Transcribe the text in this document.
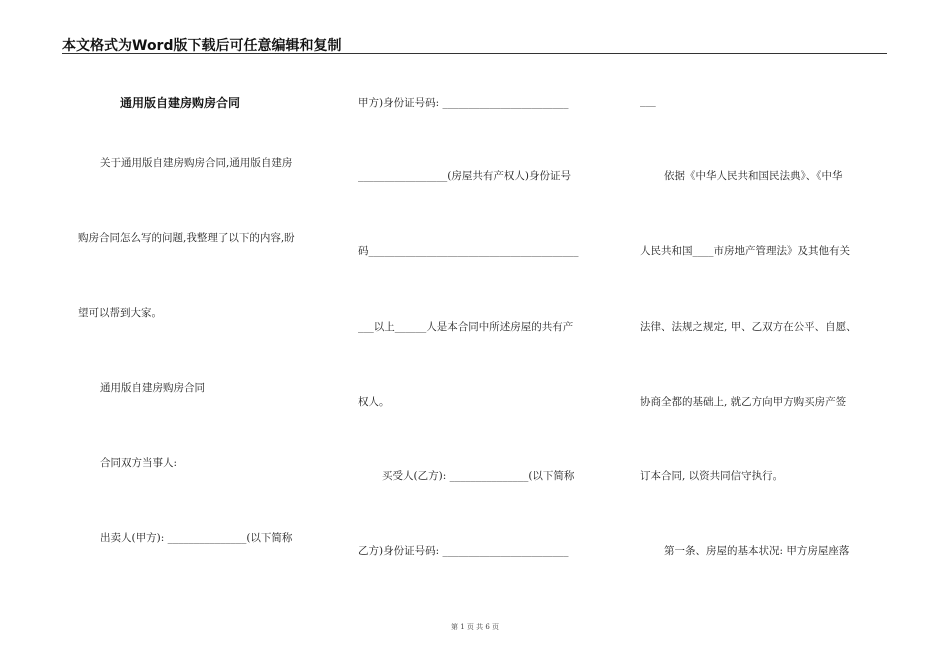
本文格式为Word版下载后可任意编辑和复制
通用版自建房购房合同
关于通用版自建房购房合同,通用版自建房
购房合同怎么写的问题,我整理了以下的内容,盼
望可以帮到大家。
通用版自建房购房合同
合同双方当事人:
出卖人(甲方): _______________(以下简称
甲方)身份证号码: ________________________
_________________(房屋共有产权人)身份证号
码________________________________________
___以上______人是本合同中所述房屋的共有产
权人。
买受人(乙方): _______________(以下简称
乙方)身份证号码: ________________________
___
依据《中华人民共和国民法典》、《中华
人民共和国____市房地产管理法》及其他有关
法律、法规之规定, 甲、乙双方在公平、自愿、
协商全都的基础上, 就乙方向甲方购买房产签
订本合同, 以资共同信守执行。
第一条、房屋的基本状况: 甲方房屋座落
第 1 页 共 6 页
